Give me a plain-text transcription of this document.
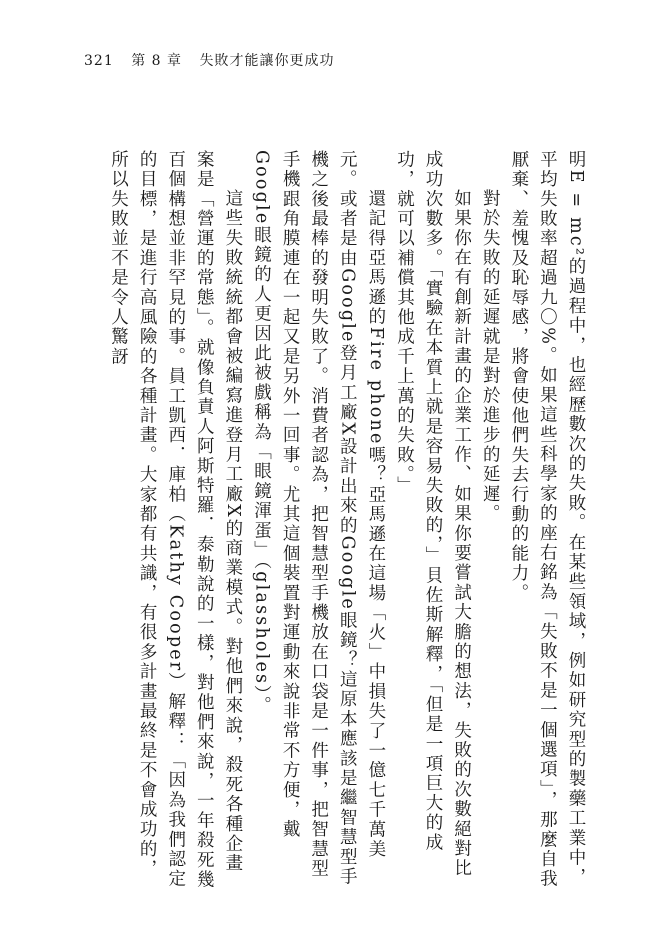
321 第 8 章 失敗才能讓你更成功

明E = mc²的過程中，也經歷數次的失敗。在某些領域，例如研究型的製藥工業中，平均失敗率超過九〇%。如果這些科學家的座右銘為「失敗不是一個選項」，那麼自我厭棄、羞愧及恥辱感，將會使他們失去行動的能力。

對於失敗的延遲就是對於進步的延遲。

如果你在有創新計畫的企業工作、如果你要嘗試大膽的想法，失敗的次數絕對比成功次數多。「實驗在本質上就是容易失敗的，」貝佐斯解釋，「但是一項巨大的成功，就可以補償其他成千上萬的失敗。」

還記得亞馬遜的Fire phone嗎？亞馬遜在這場「火」中損失了一億七千萬美元。或者是由Google登月工廠X設計出來的Google眼鏡？這原本應該是繼智慧型手機之後最棒的發明失敗了。消費者認為，把智慧型手機放在口袋是一件事，把智慧型手機跟角膜連在一起又是另外一回事。尤其這個裝置對運動來說非常不方便，戴Google眼鏡的人更因此被戲稱為「眼鏡渾蛋」（glassholes）。

這些失敗統統都會被編寫進登月工廠X的商業模式。對他們來說，殺死各種企畫案是「營運的常態」。就像負責人阿斯特羅．泰勒說的一樣，對他們來說，一年殺死幾百個構想並非罕見的事。員工凱西．庫柏（Kathy Cooper）解釋：「因為我們認定的目標，是進行高風險的各種計畫。大家都有共識，有很多計畫最終是不會成功的，所以失敗並不是令人驚訝
